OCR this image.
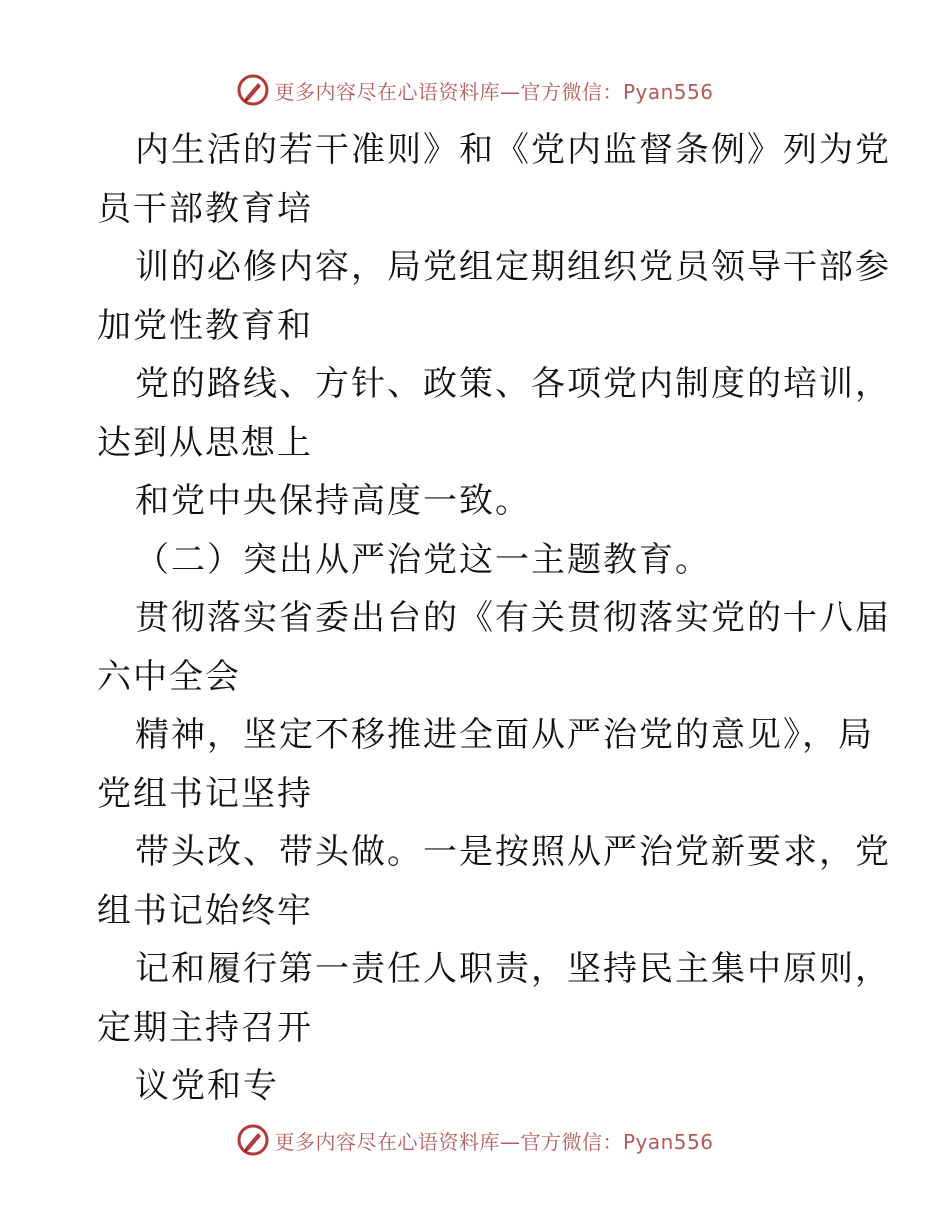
更多内容尽在心语资料库—官方微信：Pyan556
内生活的若干准则》和《党内监督条例》列为党
员干部教育培
训的必修内容，局党组定期组织党员领导干部参
加党性教育和
党的路线、方针、政策、各项党内制度的培训，
达到从思想上
和党中央保持高度一致。
（二）突出从严治党这一主题教育。
贯彻落实省委出台的《有关贯彻落实党的十八届
六中全会
精神，坚定不移推进全面从严治党的意见》，局
党组书记坚持
带头改、带头做。一是按照从严治党新要求，党
组书记始终牢
记和履行第一责任人职责，坚持民主集中原则，
定期主持召开
议党和专
更多内容尽在心语资料库—官方微信：Pyan556
